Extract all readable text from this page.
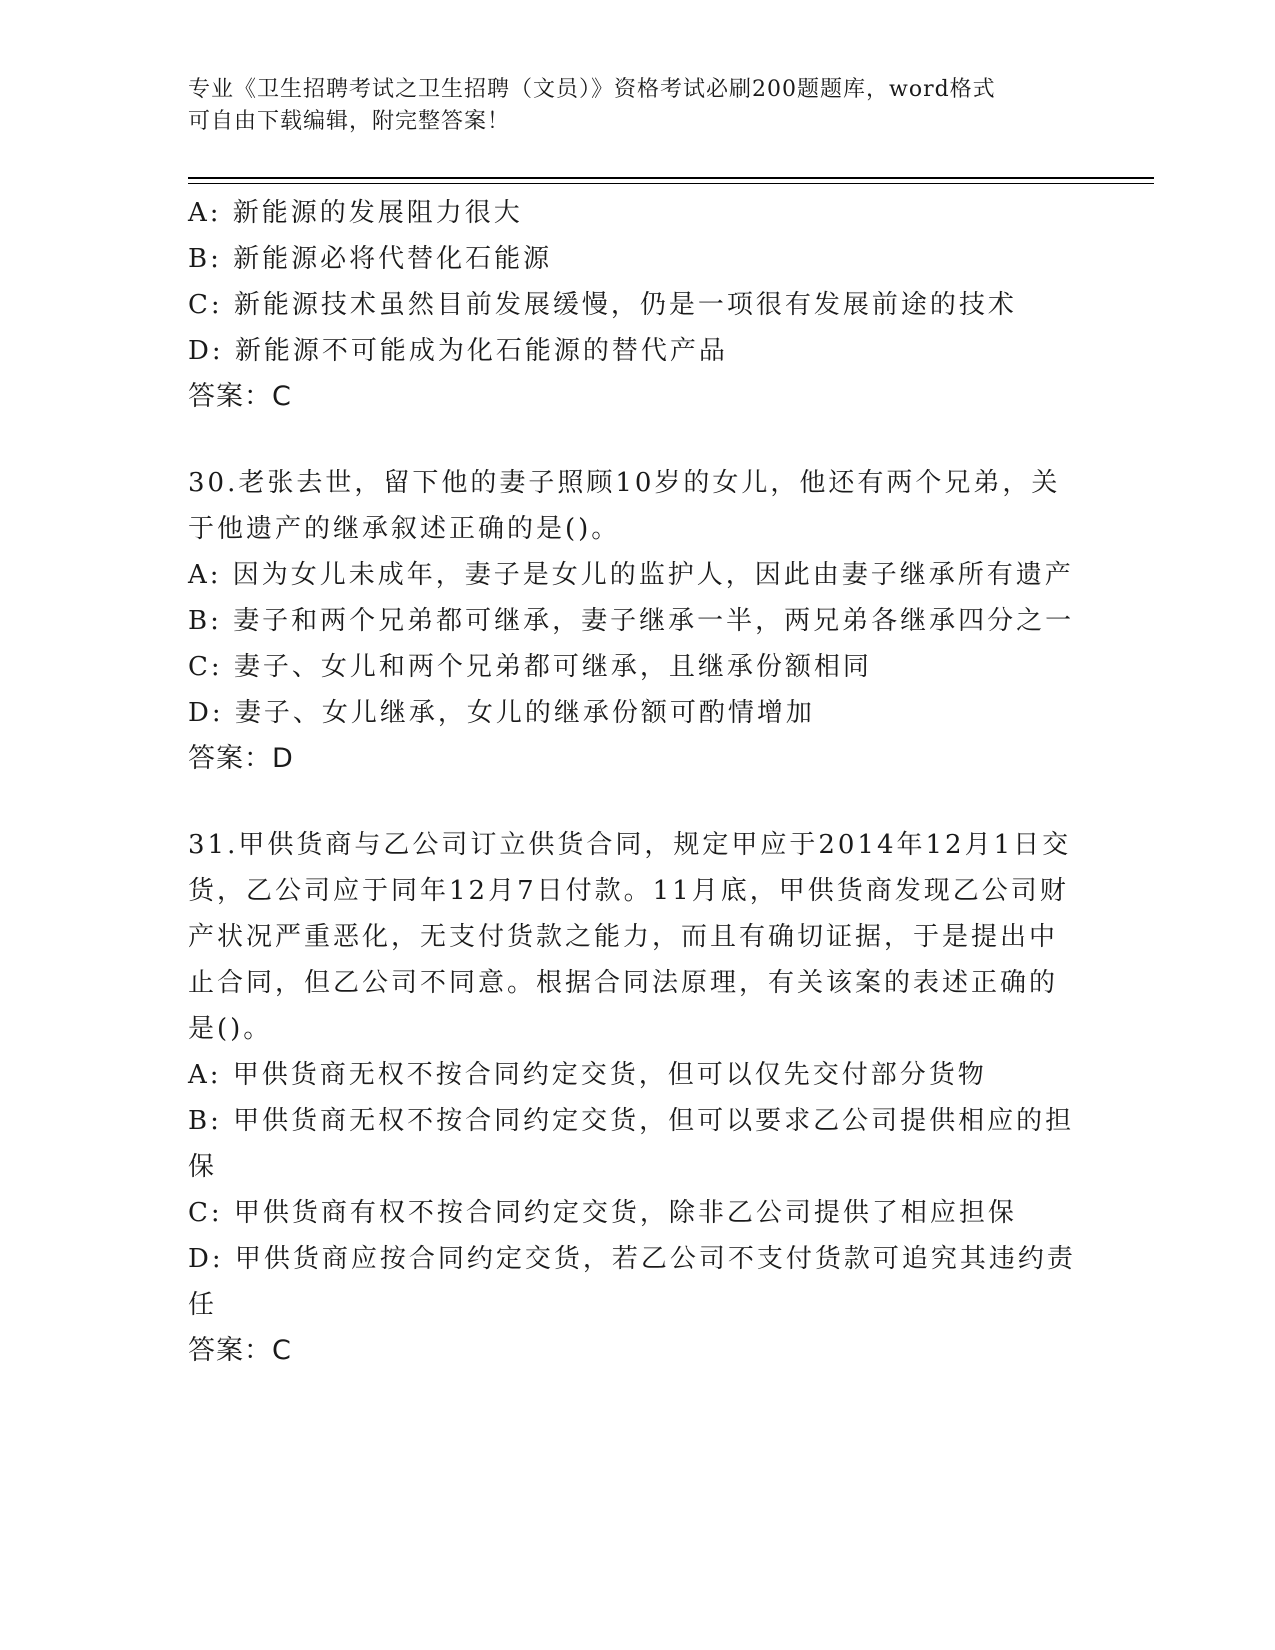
专业《卫生招聘考试之卫生招聘（文员）》资格考试必刷200题题库，word格式
可自由下载编辑，附完整答案！
A: 新能源的发展阻力很大
B: 新能源必将代替化石能源
C: 新能源技术虽然目前发展缓慢，仍是一项很有发展前途的技术
D: 新能源不可能成为化石能源的替代产品
答案：C
30.老张去世，留下他的妻子照顾10岁的女儿，他还有两个兄弟，关
于他遗产的继承叙述正确的是()。
A: 因为女儿未成年，妻子是女儿的监护人，因此由妻子继承所有遗产
B: 妻子和两个兄弟都可继承，妻子继承一半，两兄弟各继承四分之一
C: 妻子、女儿和两个兄弟都可继承，且继承份额相同
D: 妻子、女儿继承，女儿的继承份额可酌情增加
答案：D
31.甲供货商与乙公司订立供货合同，规定甲应于2014年12月1日交
货，乙公司应于同年12月7日付款。11月底，甲供货商发现乙公司财
产状况严重恶化，无支付货款之能力，而且有确切证据，于是提出中
止合同，但乙公司不同意。根据合同法原理，有关该案的表述正确的
是()。
A: 甲供货商无权不按合同约定交货，但可以仅先交付部分货物
B: 甲供货商无权不按合同约定交货，但可以要求乙公司提供相应的担
保
C: 甲供货商有权不按合同约定交货，除非乙公司提供了相应担保
D: 甲供货商应按合同约定交货，若乙公司不支付货款可追究其违约责
任
答案：C
